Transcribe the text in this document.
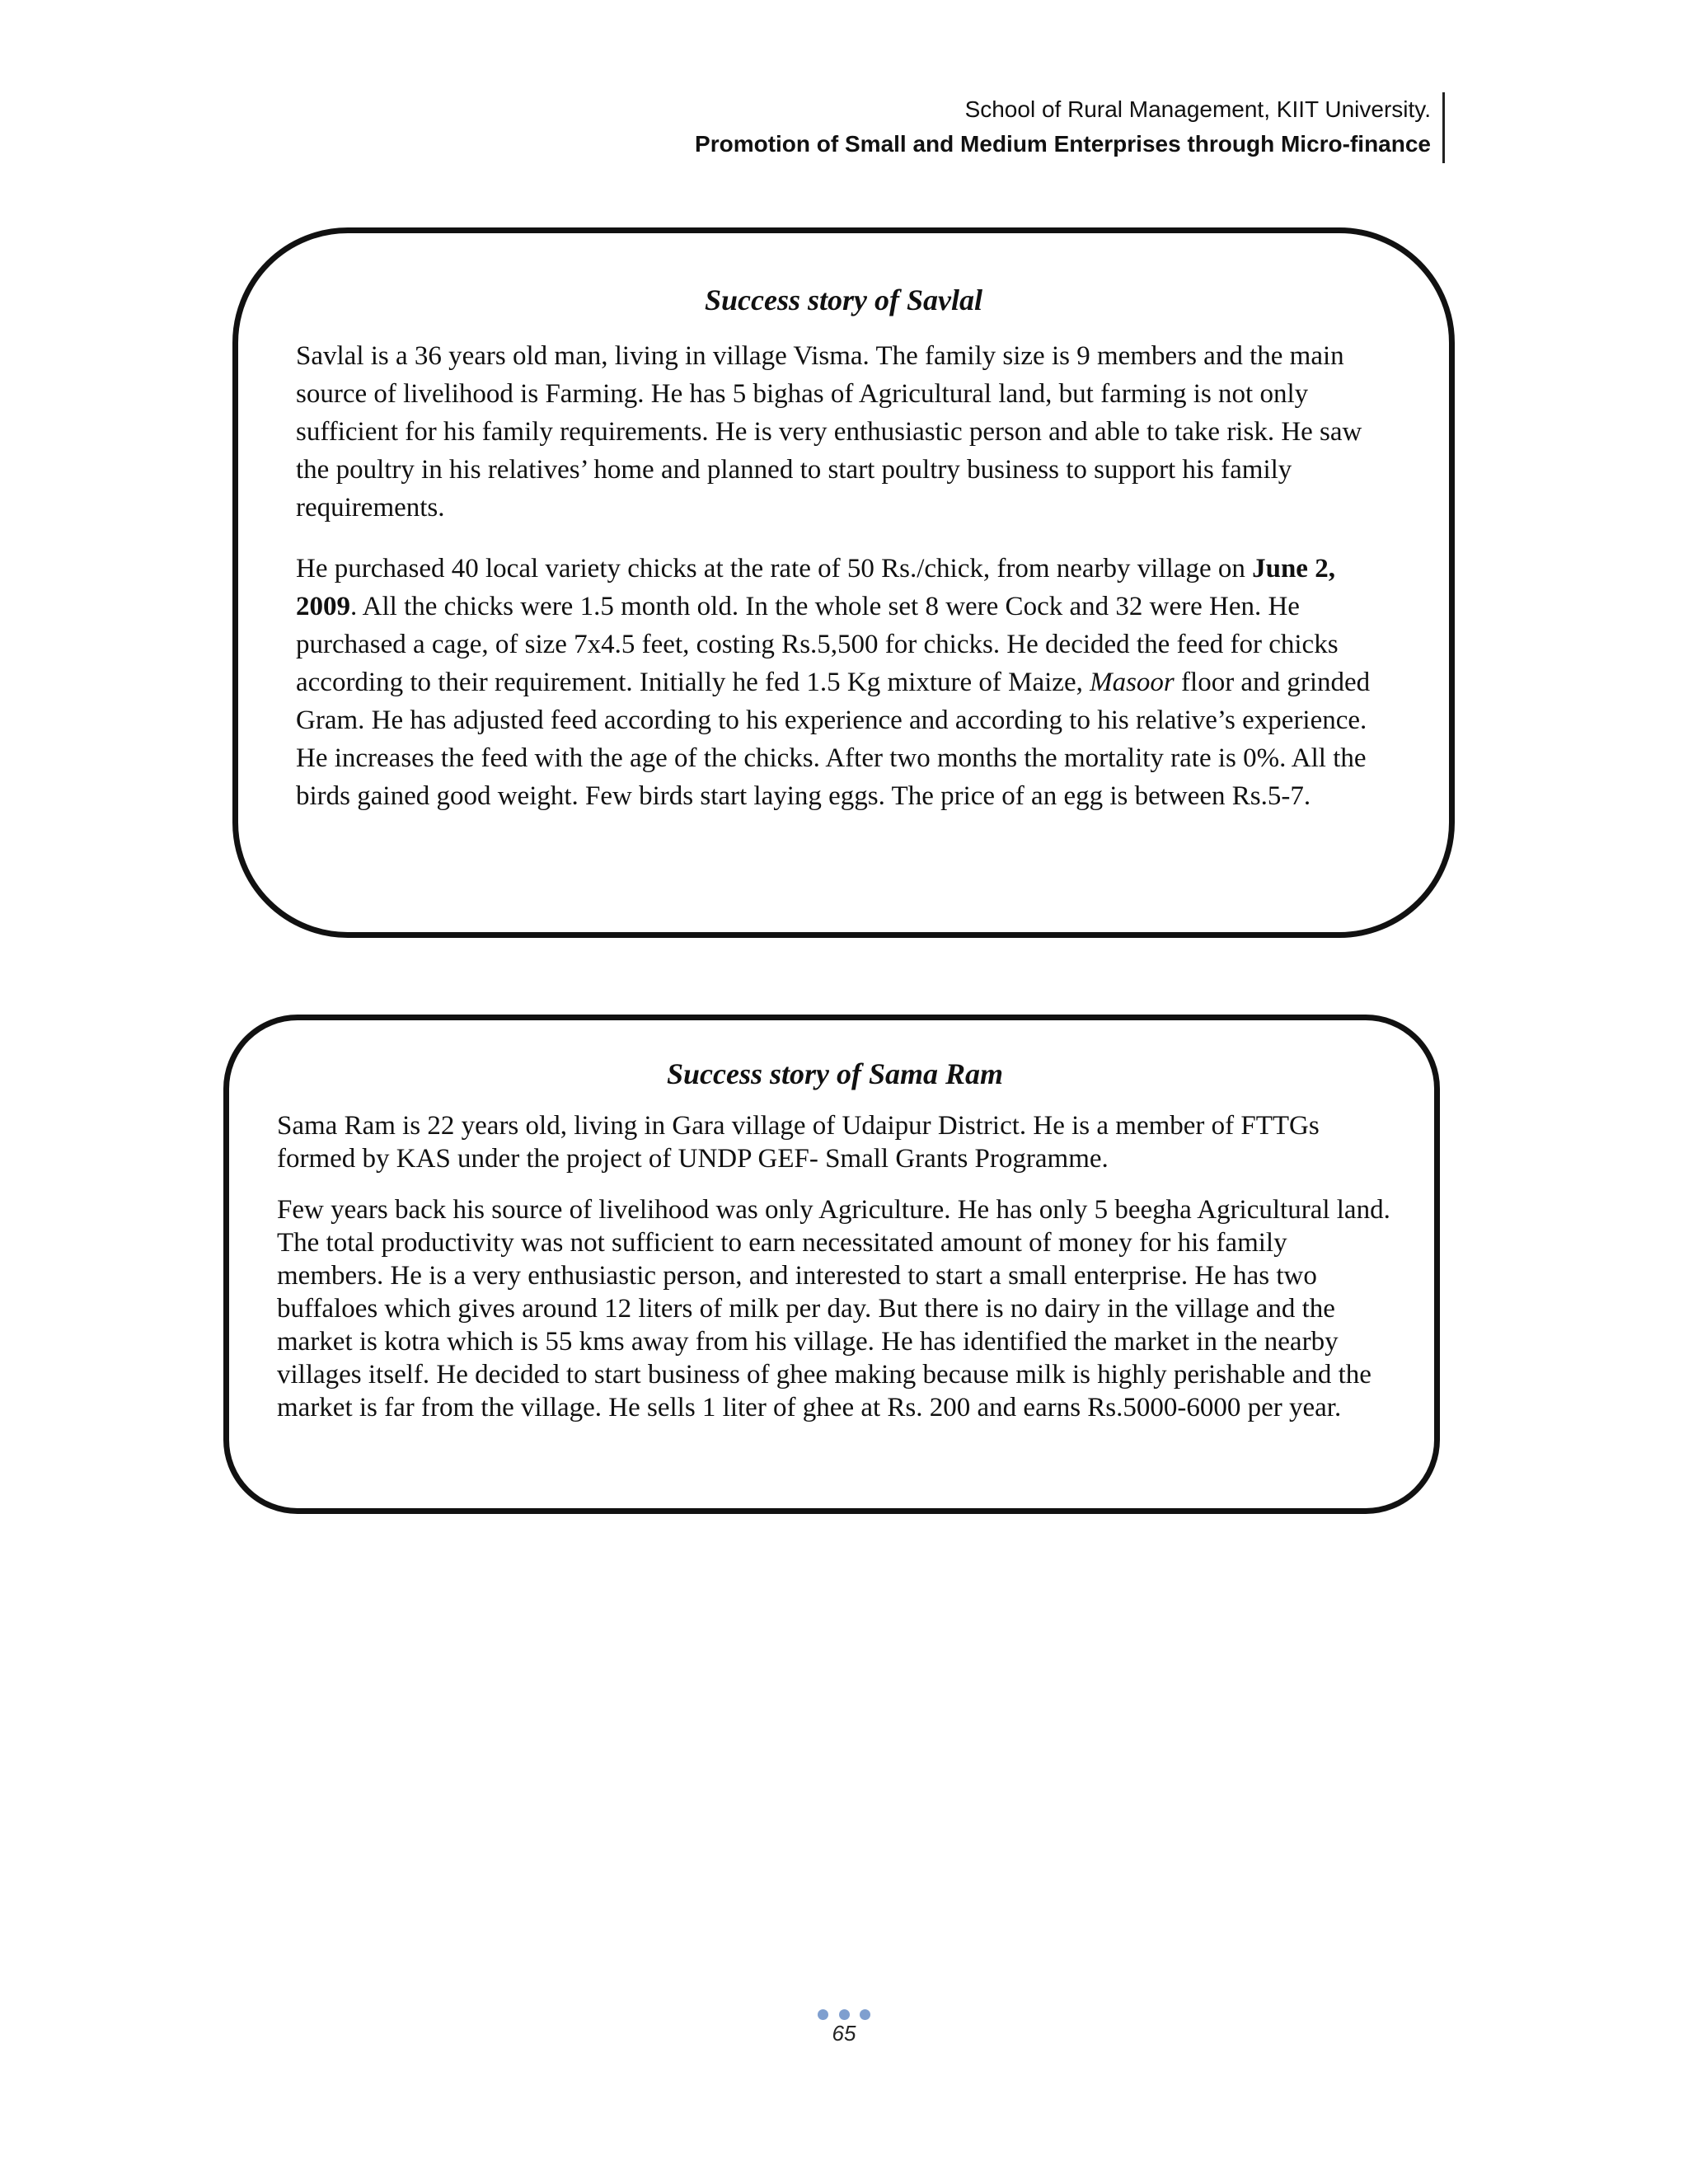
School of Rural Management, KIIT University.
Promotion of Small and Medium Enterprises through Micro-finance
Success story of Savlal

Savlal is a 36 years old man, living in village Visma. The family size is 9 members and the main source of livelihood is Farming. He has 5 bighas of Agricultural land, but farming is not only sufficient for his family requirements. He is very enthusiastic person and able to take risk. He saw the poultry in his relatives’ home and planned to start poultry business to support his family requirements.

He purchased 40 local variety chicks at the rate of 50 Rs./chick, from nearby village on June 2, 2009. All the chicks were 1.5 month old. In the whole set 8 were Cock and 32 were Hen. He purchased a cage, of size 7x4.5 feet, costing Rs.5,500 for chicks. He decided the feed for chicks according to their requirement. Initially he fed 1.5 Kg mixture of Maize, Masoor floor and grinded Gram. He has adjusted feed according to his experience and according to his relative’s experience. He increases the feed with the age of the chicks. After two months the mortality rate is 0%. All the birds gained good weight. Few birds start laying eggs. The price of an egg is between Rs.5-7.

Success story of Sama Ram

Sama Ram is 22 years old, living in Gara village of Udaipur District. He is a member of FTTGs formed by KAS under the project of UNDP GEF- Small Grants Programme.

Few years back his source of livelihood was only Agriculture. He has only 5 beegha Agricultural land. The total productivity was not sufficient to earn necessitated amount of money for his family members. He is a very enthusiastic person, and interested to start a small enterprise. He has two buffaloes which gives around 12 liters of milk per day. But there is no dairy in the village and the market is kotra which is 55 kms away from his village. He has identified the market in the nearby villages itself. He decided to start business of ghee making because milk is highly perishable and the market is far from the village. He sells 1 liter of ghee at Rs. 200 and earns Rs.5000-6000 per year.

65
